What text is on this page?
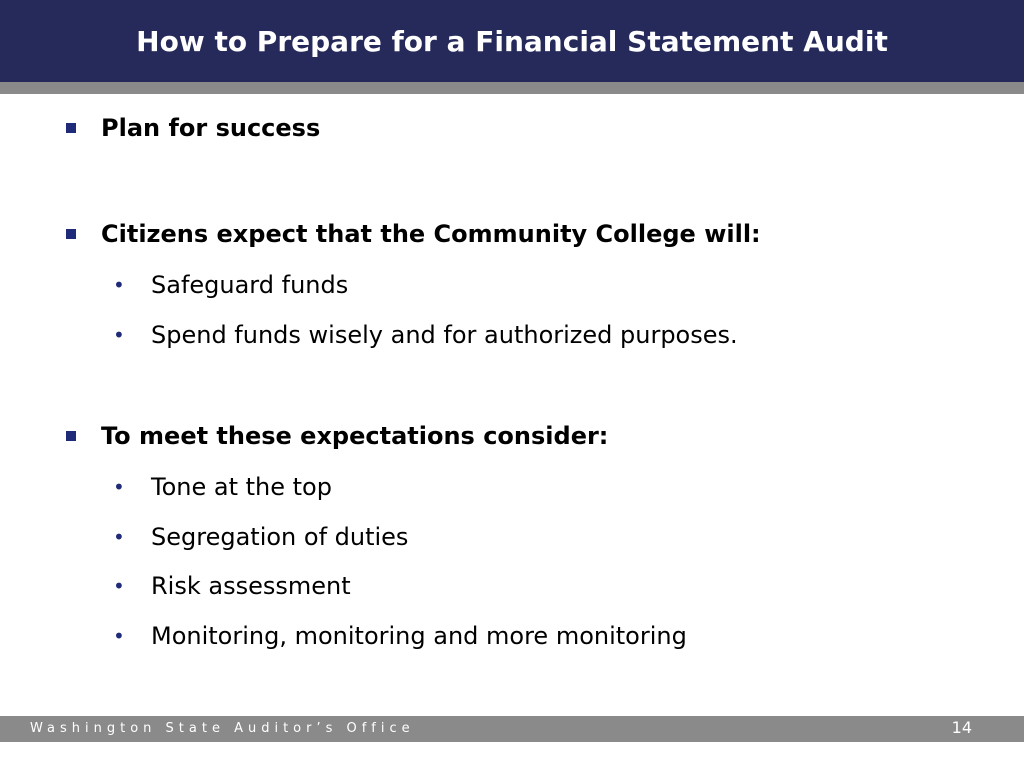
How to Prepare for a Financial Statement Audit
Plan for success
Citizens expect that the Community College will:
•	Safeguard funds
•	Spend funds wisely and for authorized purposes.
To meet these expectations consider:
•	Tone at the top
•	Segregation of duties
•	Risk assessment
•	Monitoring, monitoring and more monitoring
Washington State Auditor’s Office	14
